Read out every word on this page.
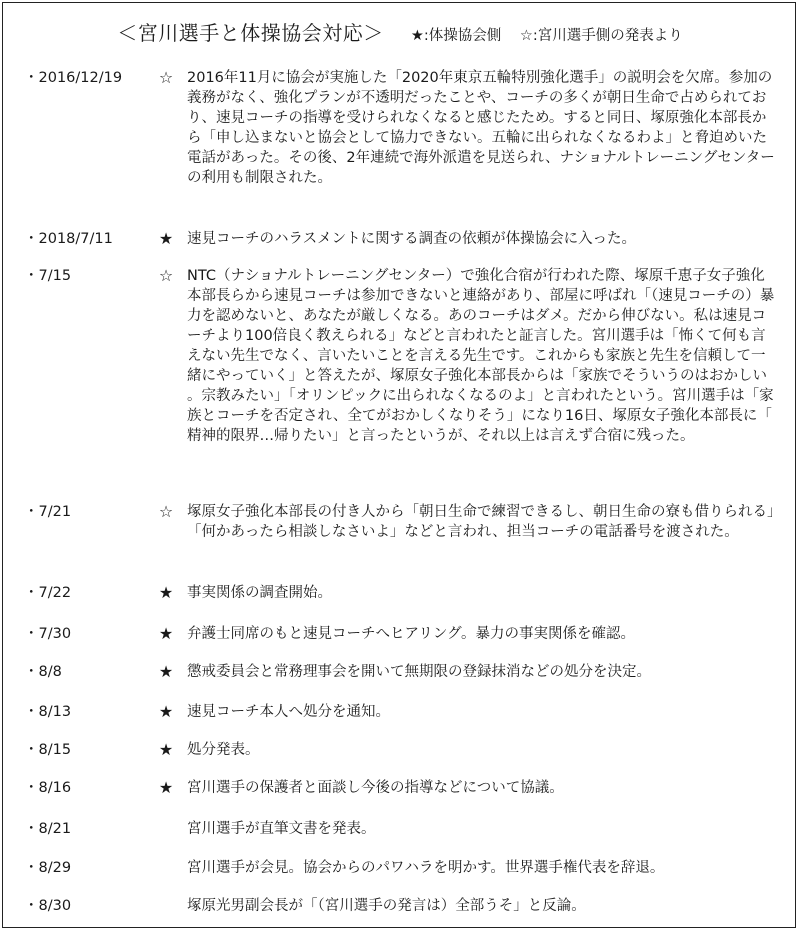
＜宮川選手と体操協会対応＞ ★:体操協会側 ☆:宮川選手側の発表より
・2016/12/19 ☆ 2016年11月に協会が実施した「2020年東京五輪特別強化選手」の説明会を欠席。参加の義務がなく、強化プランが不透明だったことや、コーチの多くが朝日生命で占められており、速見コーチの指導を受けられなくなると感じたため。すると同日、塚原強化本部長から「申し込まないと協会として協力できない。五輪に出られなくなるわよ」と脅迫めいた電話があった。その後、2年連続で海外派遣を見送られ、ナショナルトレーニングセンターの利用も制限された。
・2018/7/11	★ 速見コーチのハラスメントに関する調査の依頼が体操協会に入った。
・7/15	☆ NTC（ナショナルトレーニングセンター）で強化合宿が行われた際、塚原千恵子女子強化本部長らから速見コーチは参加できないと連絡があり、部屋に呼ばれ「（速見コーチの）暴力を認めないと、あなたが厳しくなる。あのコーチはダメ。だから伸びない。私は速見コーチより100倍良く教えられる」などと言われたと証言した。宮川選手は「怖くて何も言えない先生でなく、言いたいことを言える先生です。これからも家族と先生を信頼して一緒にやっていく」と答えたが、塚原女子強化本部長からは「家族でそういうのはおかしい。宗教みたい」「オリンピックに出られなくなるのよ」と言われたという。宮川選手は「家族とコーチを否定され、全てがおかしくなりそう」になり16日、塚原女子強化本部長に「精神的限界…帰りたい」と言ったというが、それ以上は言えず合宿に残った。
・7/21	☆ 塚原女子強化本部長の付き人から「朝日生命で練習できるし、朝日生命の寮も借りられる」「何かあったら相談しなさいよ」などと言われ、担当コーチの電話番号を渡された。
・7/22	★ 事実関係の調査開始。
・7/30	★ 弁護士同席のもと速見コーチへヒアリング。暴力の事実関係を確認。
・8/8	★ 懲戒委員会と常務理事会を開いて無期限の登録抹消などの処分を決定。
・8/13	★ 速見コーチ本人へ処分を通知。
・8/15	★ 処分発表。
・8/16	★ 宮川選手の保護者と面談し今後の指導などについて協議。
・8/21	宮川選手が直筆文書を発表。
・8/29	宮川選手が会見。協会からのパワハラを明かす。世界選手権代表を辞退。
・8/30	塚原光男副会長が「（宮川選手の発言は）全部うそ」と反論。
